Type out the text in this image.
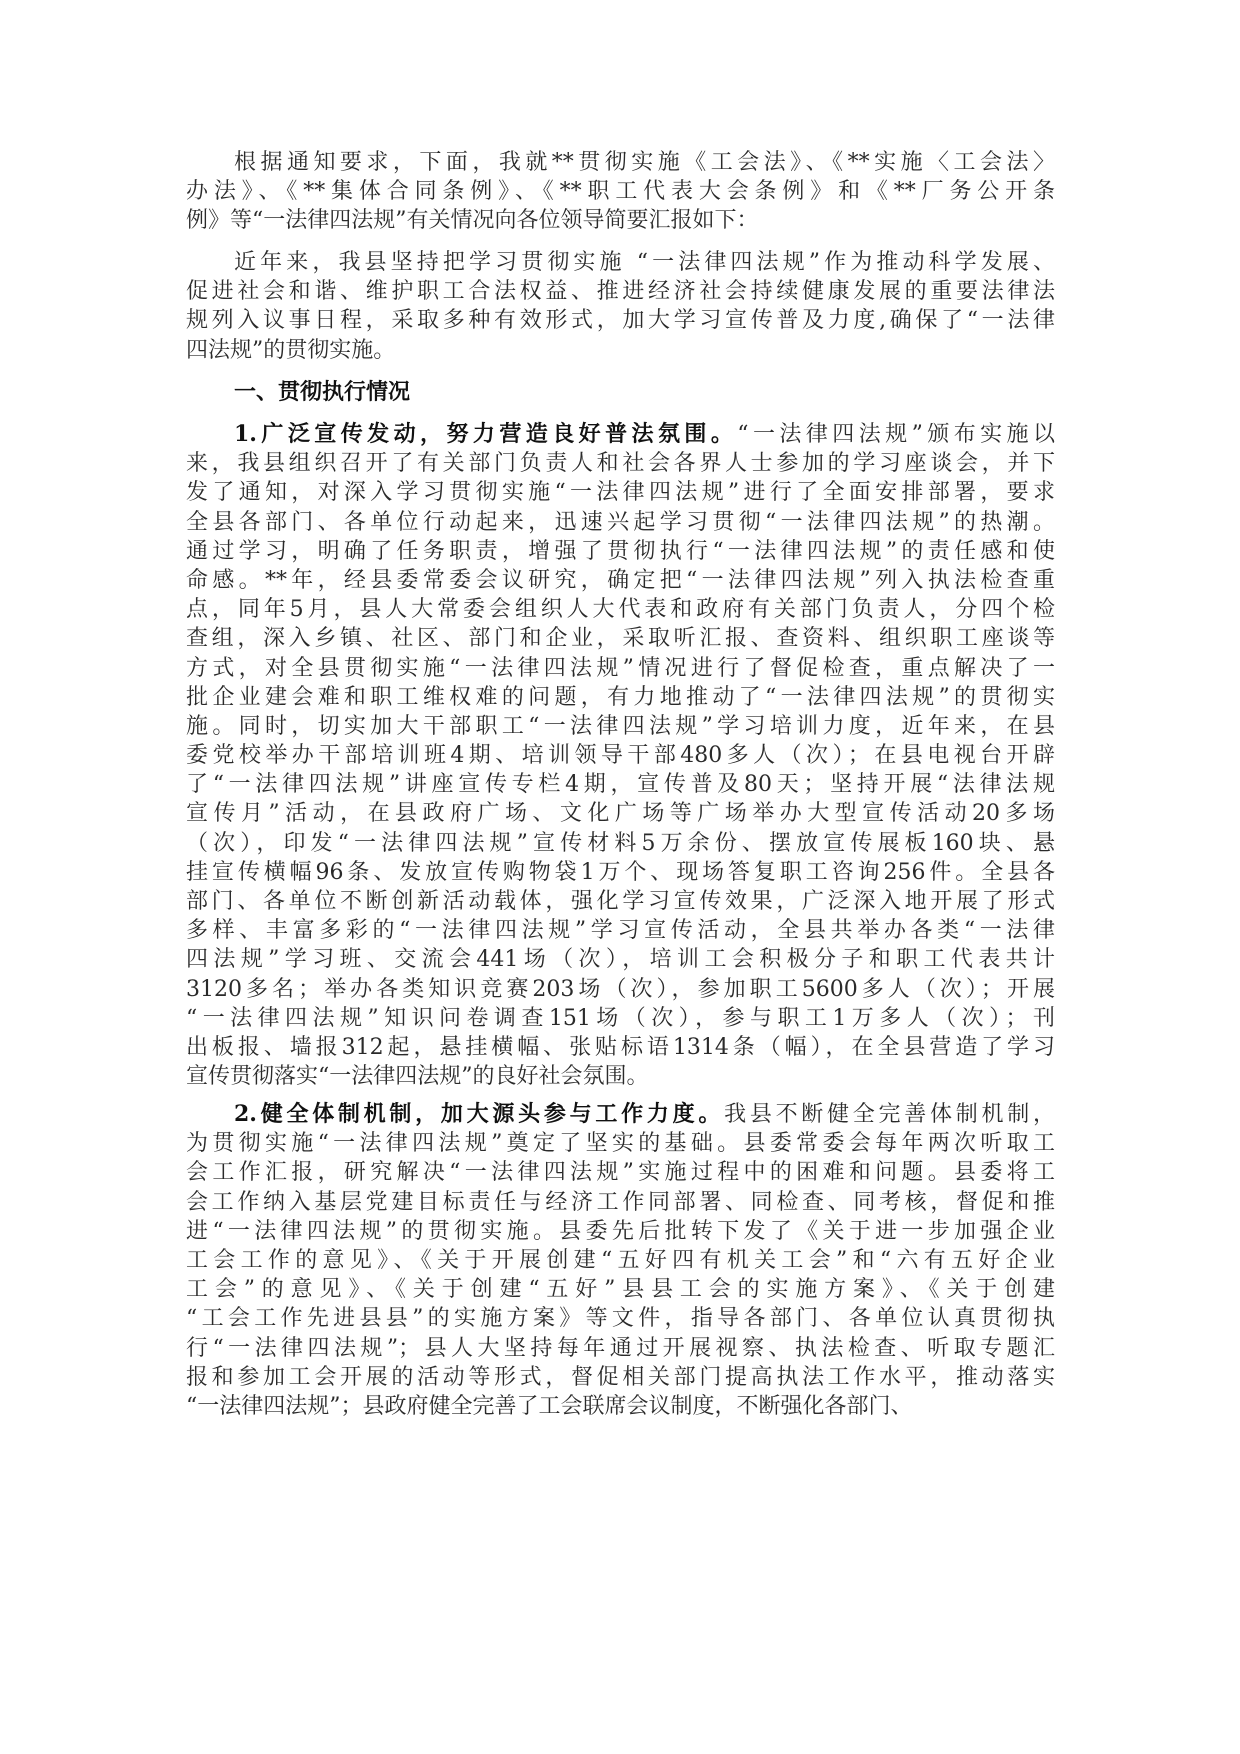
根据通知要求，下面，我就**贯彻实施《工会法》、《**实施〈工会法〉
办法》、《**集体合同条例》、《**职工代表大会条例》和《**厂务公开条
例》等“一法律四法规”有关情况向各位领导简要汇报如下：
近年来，我县坚持把学习贯彻实施 “一法律四法规”作为推动科学发展、
促进社会和谐、维护职工合法权益、推进经济社会持续健康发展的重要法律法
规列入议事日程，采取多种有效形式，加大学习宣传普及力度,确保了“一法律
四法规”的贯彻实施。
一、贯彻执行情况
1.广泛宣传发动，努力营造良好普法氛围。“一法律四法规”颁布实施以
来，我县组织召开了有关部门负责人和社会各界人士参加的学习座谈会，并下
发了通知，对深入学习贯彻实施“一法律四法规”进行了全面安排部署，要求
全县各部门、各单位行动起来，迅速兴起学习贯彻“一法律四法规”的热潮。
通过学习，明确了任务职责，增强了贯彻执行“一法律四法规”的责任感和使
命感。**年，经县委常委会议研究，确定把“一法律四法规”列入执法检查重
点，同年5月，县人大常委会组织人大代表和政府有关部门负责人，分四个检
查组，深入乡镇、社区、部门和企业，采取听汇报、查资料、组织职工座谈等
方式，对全县贯彻实施“一法律四法规”情况进行了督促检查，重点解决了一
批企业建会难和职工维权难的问题，有力地推动了“一法律四法规”的贯彻实
施。同时，切实加大干部职工“一法律四法规”学习培训力度，近年来，在县
委党校举办干部培训班4期、培训领导干部480多人（次）；在县电视台开辟
了“一法律四法规”讲座宣传专栏4期，宣传普及80天；坚持开展“法律法规
宣传月”活动，在县政府广场、文化广场等广场举办大型宣传活动20多场
（次），印发“一法律四法规”宣传材料5万余份、摆放宣传展板160块、悬
挂宣传横幅96条、发放宣传购物袋1万个、现场答复职工咨询256件。全县各
部门、各单位不断创新活动载体，强化学习宣传效果，广泛深入地开展了形式
多样、丰富多彩的“一法律四法规”学习宣传活动，全县共举办各类“一法律
四法规”学习班、交流会441场（次），培训工会积极分子和职工代表共计
3120多名；举办各类知识竞赛203场（次），参加职工5600多人（次）；开展
“一法律四法规”知识问卷调查151场（次），参与职工1万多人（次）；刊
出板报、墙报312起，悬挂横幅、张贴标语1314条（幅），在全县营造了学习
宣传贯彻落实“一法律四法规”的良好社会氛围。
2.健全体制机制，加大源头参与工作力度。我县不断健全完善体制机制，
为贯彻实施“一法律四法规”奠定了坚实的基础。县委常委会每年两次听取工
会工作汇报，研究解决“一法律四法规”实施过程中的困难和问题。县委将工
会工作纳入基层党建目标责任与经济工作同部署、同检查、同考核，督促和推
进“一法律四法规”的贯彻实施。县委先后批转下发了《关于进一步加强企业
工会工作的意见》、《关于开展创建“五好四有机关工会”和“六有五好企业
工会”的意见》、《关于创建“五好”县县工会的实施方案》、《关于创建
“工会工作先进县县”的实施方案》等文件，指导各部门、各单位认真贯彻执
行“一法律四法规”；县人大坚持每年通过开展视察、执法检查、听取专题汇
报和参加工会开展的活动等形式，督促相关部门提高执法工作水平，推动落实
“一法律四法规”；县政府健全完善了工会联席会议制度，不断强化各部门、
